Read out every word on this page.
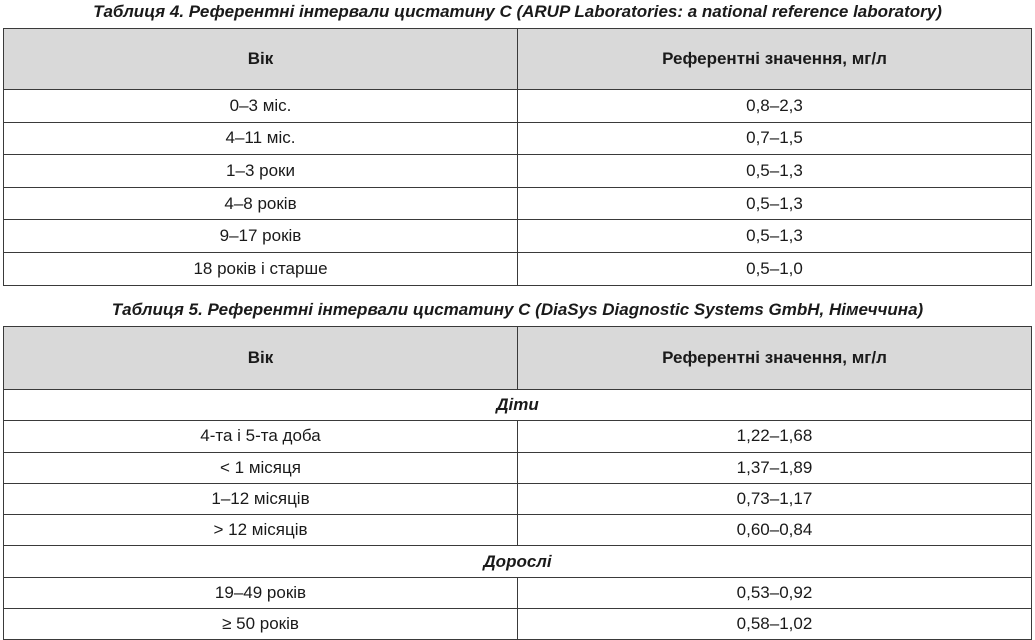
Таблиця 4. Референтні інтервали цистатину С (ARUP Laboratories: a national reference laboratory)
Вік	Референтні значення, мг/л
0–3 міс.	0,8–2,3
4–11 міс.	0,7–1,5
1–3 роки	0,5–1,3
4–8 років	0,5–1,3
9–17 років	0,5–1,3
18 років і старше	0,5–1,0
Таблиця 5. Референтні інтервали цистатину С (DiaSys Diagnostic Systems GmbH, Німеччина)
Вік	Референтні значення, мг/л
Діти	
4-та і 5-та доба	1,22–1,68
< 1 місяця	1,37–1,89
1–12 місяців	0,73–1,17
> 12 місяців	0,60–0,84
Дорослі	
19–49 років	0,53–0,92
≥ 50 років	0,58–1,02
